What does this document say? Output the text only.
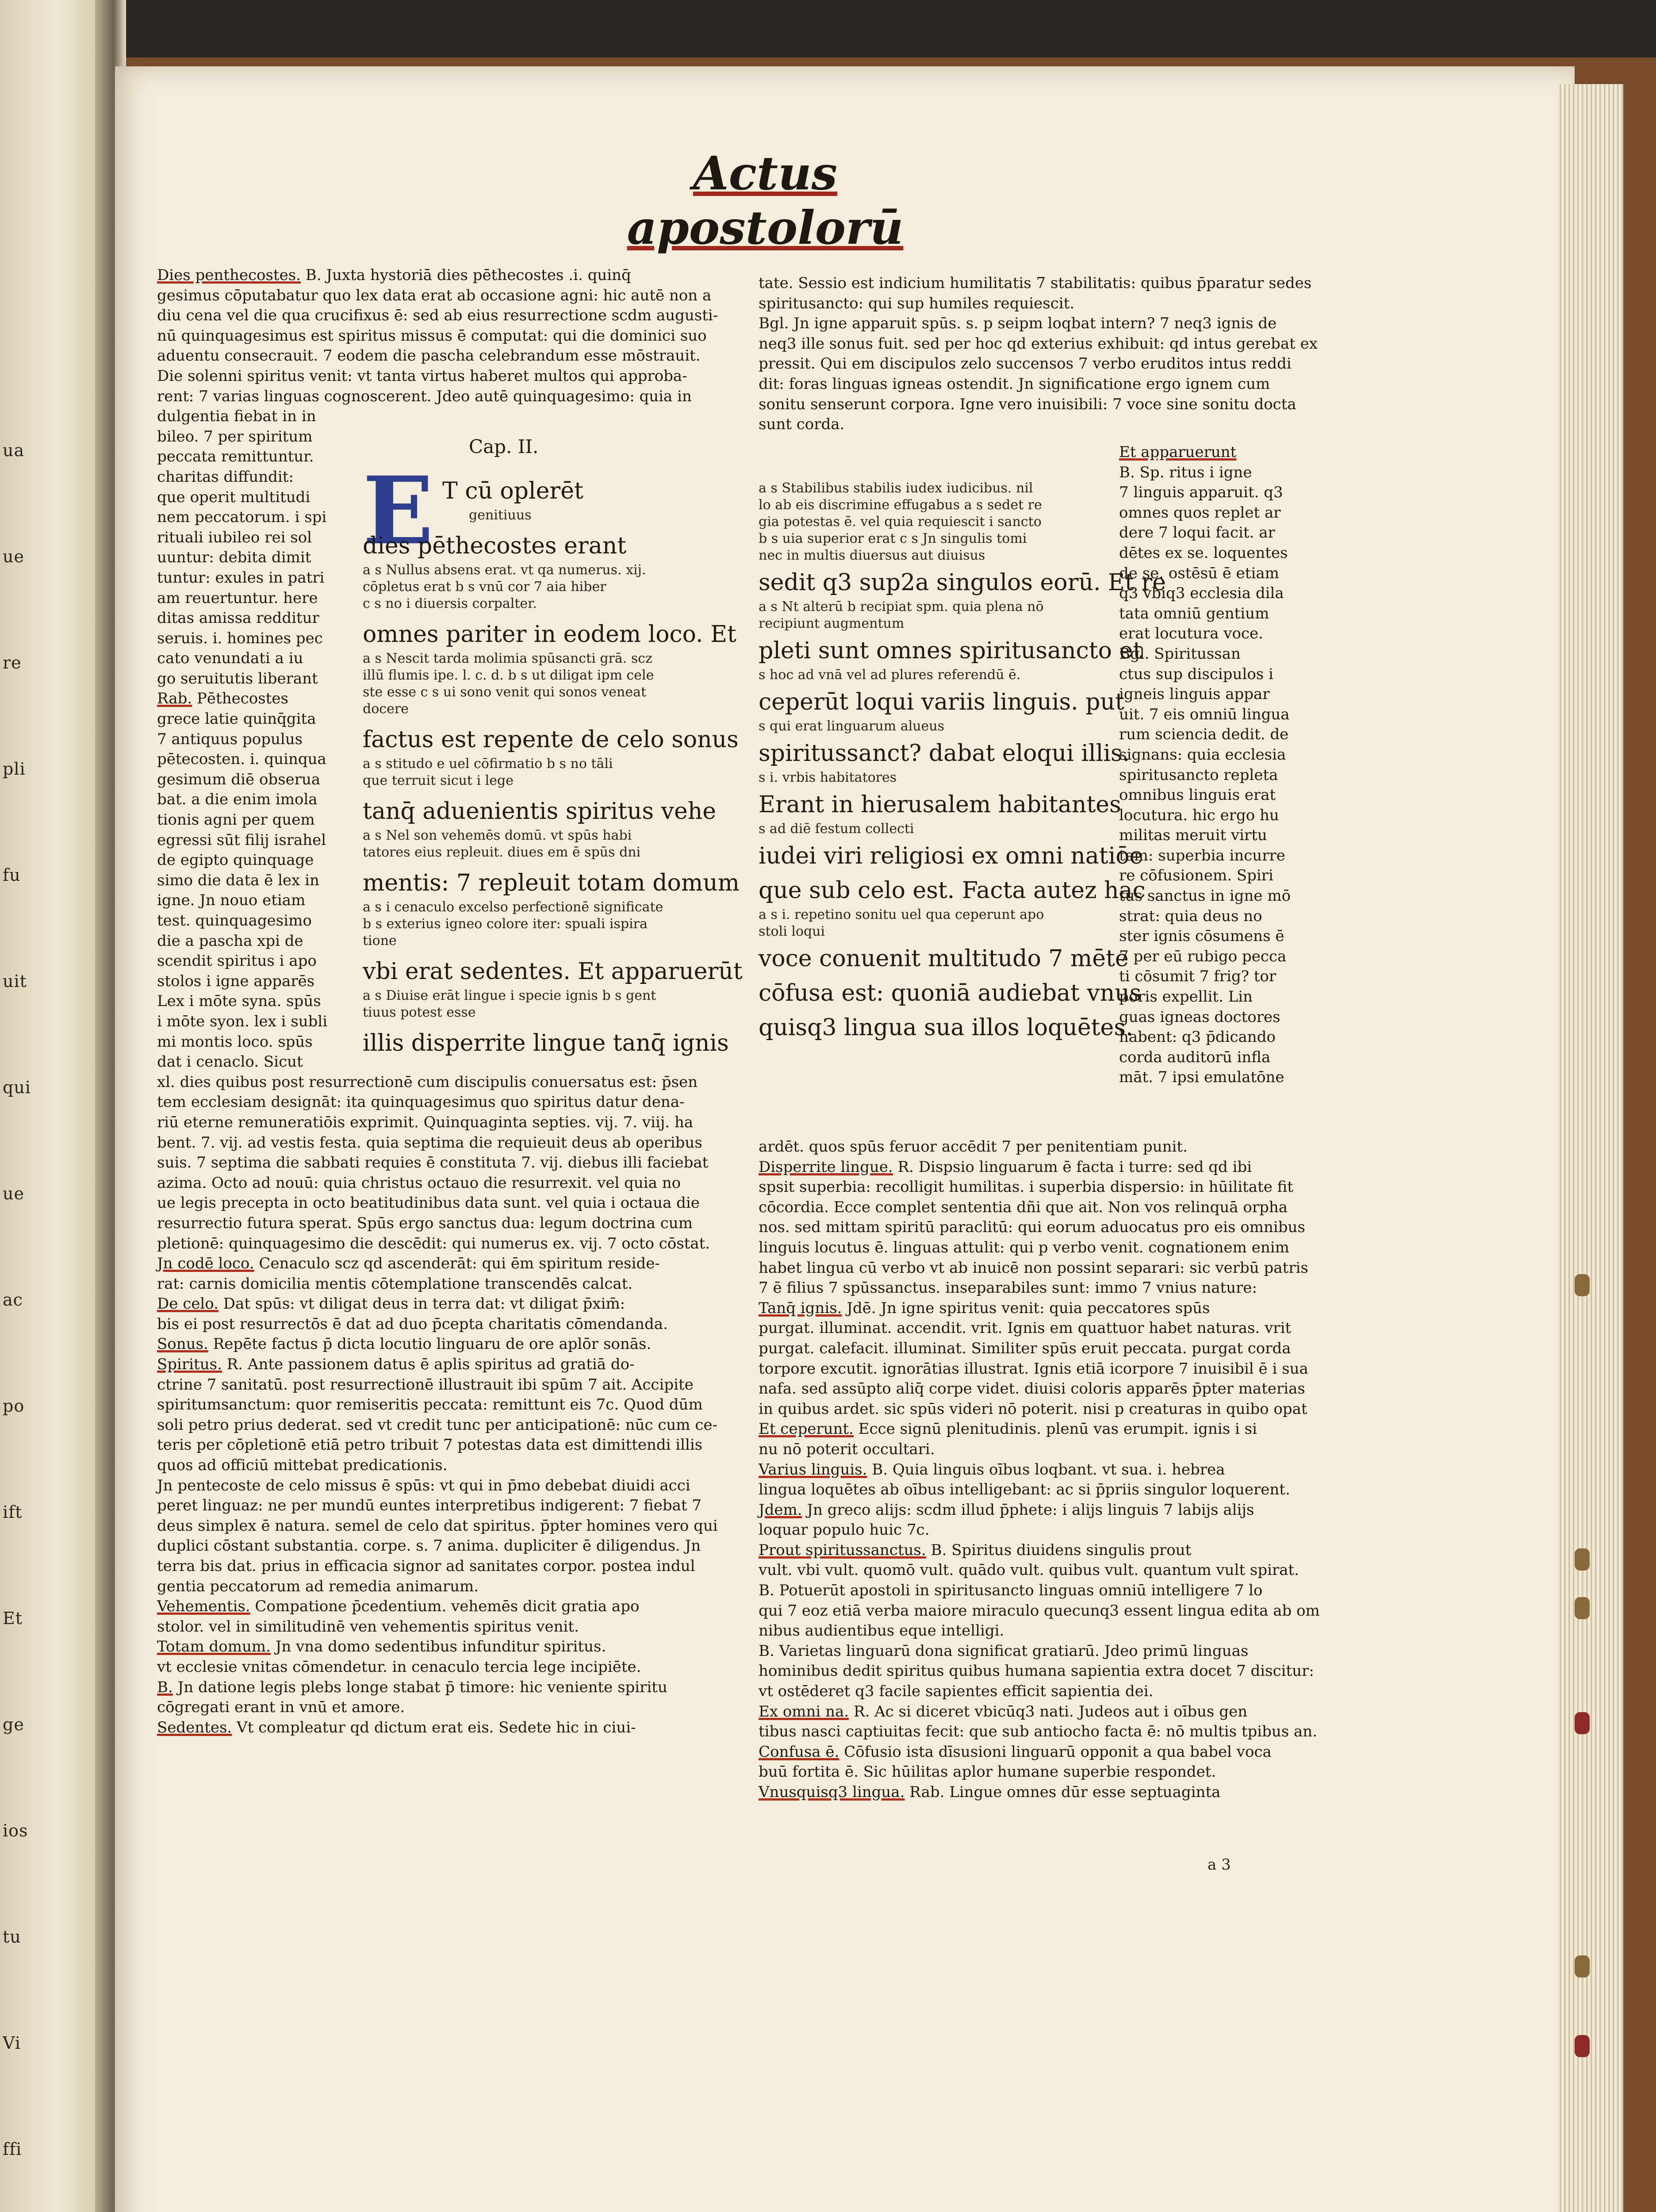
ua
ue
re
pli
fu
uit
qui
ue
ac
po
ift
Et
ge
ios
tu
Vi
ffi
Actus apostolorū
Dies penthecostes. B. Juxta hystoriā dies pēthecostes .i. quinq̄
gesimus cōputabatur quo lex data erat ab occasione agni: hic autē non a
diu cena vel die qua crucifixus ē: sed ab eius resurrectione scdm augusti-
nū quinquagesimus est spiritus missus ē computat: qui die dominici suo
aduentu consecrauit. 7 eodem die pascha celebrandum esse mōstrauit.
Die solenni spiritus venit: vt tanta virtus haberet multos qui approba-
rent: 7 varias linguas cognoscerent. Jdeo autē quinquagesimo: quia in
dulgentia fiebat in in
bileo. 7 per spiritum
peccata remittuntur.
charitas diffundit:
que operit multitudi
nem peccatorum. i spi
rituali iubileo rei sol
uuntur: debita dimit
tuntur: exules in patri
am reuertuntur. here
ditas amissa redditur
seruis. i. homines pec
cato venundati a iu
go seruitutis liberant
Rab. Pēthecostes
grece latie quinq̄gita
7 antiquus populus
pētecosten. i. quinqua
gesimum diē obserua
bat. a die enim imola
tionis agni per quem
egressi sūt filij israhel
de egipto quinquage
simo die data ē lex in
igne. Jn nouo etiam
test. quinquagesimo
die a pascha xpi de
scendit spiritus i apo
stolos i igne apparēs
Lex i mōte syna. spūs
i mōte syon. lex i subli
mi montis loco. spūs
dat i cenaclo. Sicut
xl. dies quibus post resurrectionē cum discipulis conuersatus est: p̄sen
tem ecclesiam designāt: ita quinquagesimus quo spiritus datur dena-
riū eterne remuneratiōis exprimit. Quinquaginta septies. vij. 7. viij. ha
bent. 7. vij. ad vestis festa. quia septima die requieuit deus ab operibus
suis. 7 septima die sabbati requies ē constituta 7. vij. diebus illi faciebat
azima. Octo ad nouū: quia christus octauo die resurrexit. vel quia no
ue legis precepta in octo beatitudinibus data sunt. vel quia i octaua die
resurrectio futura sperat. Spūs ergo sanctus dua: legum doctrina cum
pletionē: quinquagesimo die descēdit: qui numerus ex. vij. 7 octo cōstat.
Jn codē loco. Cenaculo scz qd ascenderāt: qui ēm spiritum reside-
rat: carnis domicilia mentis cōtemplatione transcendēs calcat.
De celo. Dat spūs: vt diligat deus in terra dat: vt diligat p̄xim̄:
bis ei post resurrectōs ē dat ad duo p̄cepta charitatis cōmendanda.
Sonus. Repēte factus p̄ dicta locutio linguaru de ore aplōr sonās.
Spiritus. R. Ante passionem datus ē aplis spiritus ad gratiā do-
ctrine 7 sanitatū. post resurrectionē illustrauit ibi spūm 7 ait. Accipite
spiritumsanctum: quor remiseritis peccata: remittunt eis 7c. Quod dūm
soli petro prius dederat. sed vt credit tunc per anticipationē: nūc cum ce-
teris per cōpletionē etiā petro tribuit 7 potestas data est dimittendi illis
quos ad officiū mittebat predicationis.
Jn pentecoste de celo missus ē spūs: vt qui in p̄mo debebat diuidi acci
peret linguaz: ne per mundū euntes interpretibus indigerent: 7 fiebat 7
deus simplex ē natura. semel de celo dat spiritus. p̄pter homines vero qui
duplici cōstant substantia. corpe. s. 7 anima. dupliciter ē diligendus. Jn
terra bis dat. prius in efficacia signor ad sanitates corpor. postea indul
gentia peccatorum ad remedia animarum.
Vehementis. Compatione p̄cedentium. vehemēs dicit gratia apo
stolor. vel in similitudinē ven vehementis spiritus venit.
Totam domum. Jn vna domo sedentibus infunditur spiritus.
vt ecclesie vnitas cōmendetur. in cenaculo tercia lege incipiēte.
B. Jn datione legis plebs longe stabat p̄ timore: hic veniente spiritu
cōgregati erant in vnū et amore.
Sedentes. Vt compleatur qd dictum erat eis. Sedete hic in ciui-
E
Cap. II.
T cū oplerēt
genitiuus
dies pēthecostes erant
a s Nullus absens erat. vt qa numerus. xij.
cōpletus erat b s vnū cor 7 aia hiber
c s no i diuersis corpalter.
omnes pariter in eodem loco. Et
a s Nescit tarda molimia spūsancti grā. scz
illū flumis ipe. l. c. d. b s ut diligat ipm cele
ste esse c s ui sono venit qui sonos veneat
docere
factus est repente de celo sonus
a s stitudo e uel cōfirmatio b s no tāli
que terruit sicut i lege
tanq̄ aduenientis spiritus vehe
a s Nel son vehemēs domū. vt spūs habi
tatores eius repleuit. diues em ē spūs dni
mentis: 7 repleuit totam domum
a s i cenaculo excelso perfectionē significate
b s exterius igneo colore iter: spuali ispira
tione
vbi erat sedentes. Et apparuerūt
a s Diuise erāt lingue i specie ignis b s gent
tiuus potest esse
illis disperrite lingue tanq̄ ignis
tate. Sessio est indicium humilitatis 7 stabilitatis: quibus p̄paratur sedes
spiritusancto: qui sup humiles requiescit.
Bgl. Jn igne apparuit spūs. s. p seipm loqbat intern? 7 neq3 ignis de
neq3 ille sonus fuit. sed per hoc qd exterius exhibuit: qd intus gerebat ex
pressit. Qui em discipulos zelo succensos 7 verbo eruditos intus reddi
dit: foras linguas igneas ostendit. Jn significatione ergo ignem cum
sonitu senserunt corpora. Igne vero inuisibili: 7 voce sine sonitu docta
sunt corda.
a s Stabilibus stabilis iudex iudicibus. nil
lo ab eis discrimine effugabus a s sedet re
gia potestas ē. vel quia requiescit i sancto
b s uia superior erat c s Jn singulis tomi
nec in multis diuersus aut diuisus
sedit q3 sup2a singulos eorū. Et re
a s Nt alterū b recipiat spm. quia plena nō
recipiunt augmentum
pleti sunt omnes spiritusancto et
s hoc ad vnā vel ad plures referendū ē.
ceperūt loqui variis linguis. put
s qui erat linguarum alueus
spiritussanct? dabat eloqui illis.
s i. vrbis habitatores
Erant in hierusalem habitantes
s ad diē festum collecti
iudei viri religiosi ex omni natiōe
que sub celo est. Facta autez hac
a s i. repetino sonitu uel qua ceperunt apo
stoli loqui
voce conuenit multitudo 7 mēte
cōfusa est: quoniā audiebat vnus
quisq3 lingua sua illos loquētes.
ardēt. quos spūs feruor accēdit 7 per penitentiam punit.
Disperrite lingue. R. Dispsio linguarum ē facta i turre: sed qd ibi
spsit superbia: recolligit humilitas. i superbia dispersio: in hūilitate fit
cōcordia. Ecce complet sententia dñi que ait. Non vos relinquā orpha
nos. sed mittam spiritū paraclitū: qui eorum aduocatus pro eis omnibus
linguis locutus ē. linguas attulit: qui p verbo venit. cognationem enim
habet lingua cū verbo vt ab inuicē non possint separari: sic verbū patris
7 ē filius 7 spūssanctus. inseparabiles sunt: immo 7 vnius nature:
Tanq̄ ignis. Jdē. Jn igne spiritus venit: quia peccatores spūs
purgat. illuminat. accendit. vrit. Ignis em quattuor habet naturas. vrit
purgat. calefacit. illuminat. Similiter spūs eruit peccata. purgat corda
torpore excutit. ignorātias illustrat. Ignis etiā icorpore 7 inuisibil ē i sua
nafa. sed assūpto aliq̄ corpe videt. diuisi coloris apparēs p̄pter materias
in quibus ardet. sic spūs videri nō poterit. nisi p creaturas in quibo opat
Et ceperunt. Ecce signū plenitudinis. plenū vas erumpit. ignis i si
nu nō poterit occultari.
Varius linguis. B. Quia linguis oībus loqbant. vt sua. i. hebrea
lingua loquētes ab oībus intelligebant: ac si p̄priis singulor loquerent.
Jdem. Jn greco alijs: scdm illud p̄phete: i alijs linguis 7 labijs alijs
loquar populo huic 7c.
Prout spiritussanctus. B. Spiritus diuidens singulis prout
vult. vbi vult. quomō vult. quādo vult. quibus vult. quantum vult spirat.
B. Potuerūt apostoli in spiritusancto linguas omniū intelligere 7 lo
qui 7 eoz etiā verba maiore miraculo quecunq3 essent lingua edita ab om
nibus audientibus eque intelligi.
B. Varietas linguarū dona significat gratiarū. Jdeo primū linguas
hominibus dedit spiritus quibus humana sapientia extra docet 7 discitur:
vt ostēderet q3 facile sapientes efficit sapientia dei.
Ex omni na. R. Ac si diceret vbicūq3 nati. Judeos aut i oībus gen
tibus nasci captiuitas fecit: que sub antiocho facta ē: nō multis tpibus an.
Confusa ē. Cōfusio ista dīsusioni linguarū opponit a qua babel voca
buū fortita ē. Sic hūilitas aplor humane superbie respondet.
Vnusquisq3 lingua. Rab. Lingue omnes dūr esse septuaginta
Et apparuerunt
B. Sp. ritus i igne
7 linguis apparuit. q3
omnes quos replet ar
dere 7 loqui facit. ar
dētes ex se. loquentes
de se. ostēsū ē etiam
q3 vbiq3 ecclesia dila
tata omniū gentium
erat locutura voce.
Bgl. Spiritussan
ctus sup discipulos i
igneis linguis appar
uit. 7 eis omniū lingua
rum sciencia dedit. de
signans: quia ecclesia
spiritusancto repleta
omnibus linguis erat
locutura. hic ergo hu
militas meruit virtu
tem: superbia incurre
re cōfusionem. Spiri
tus sanctus in igne mō
strat: quia deus no
ster ignis cōsumens ē
7 per eū rubigo pecca
ti cōsumit 7 frig? tor
poris expellit. Lin
guas igneas doctores
habent: q3 p̄dicando
corda auditorū infla
māt. 7 ipsi emulatōne
a 3
